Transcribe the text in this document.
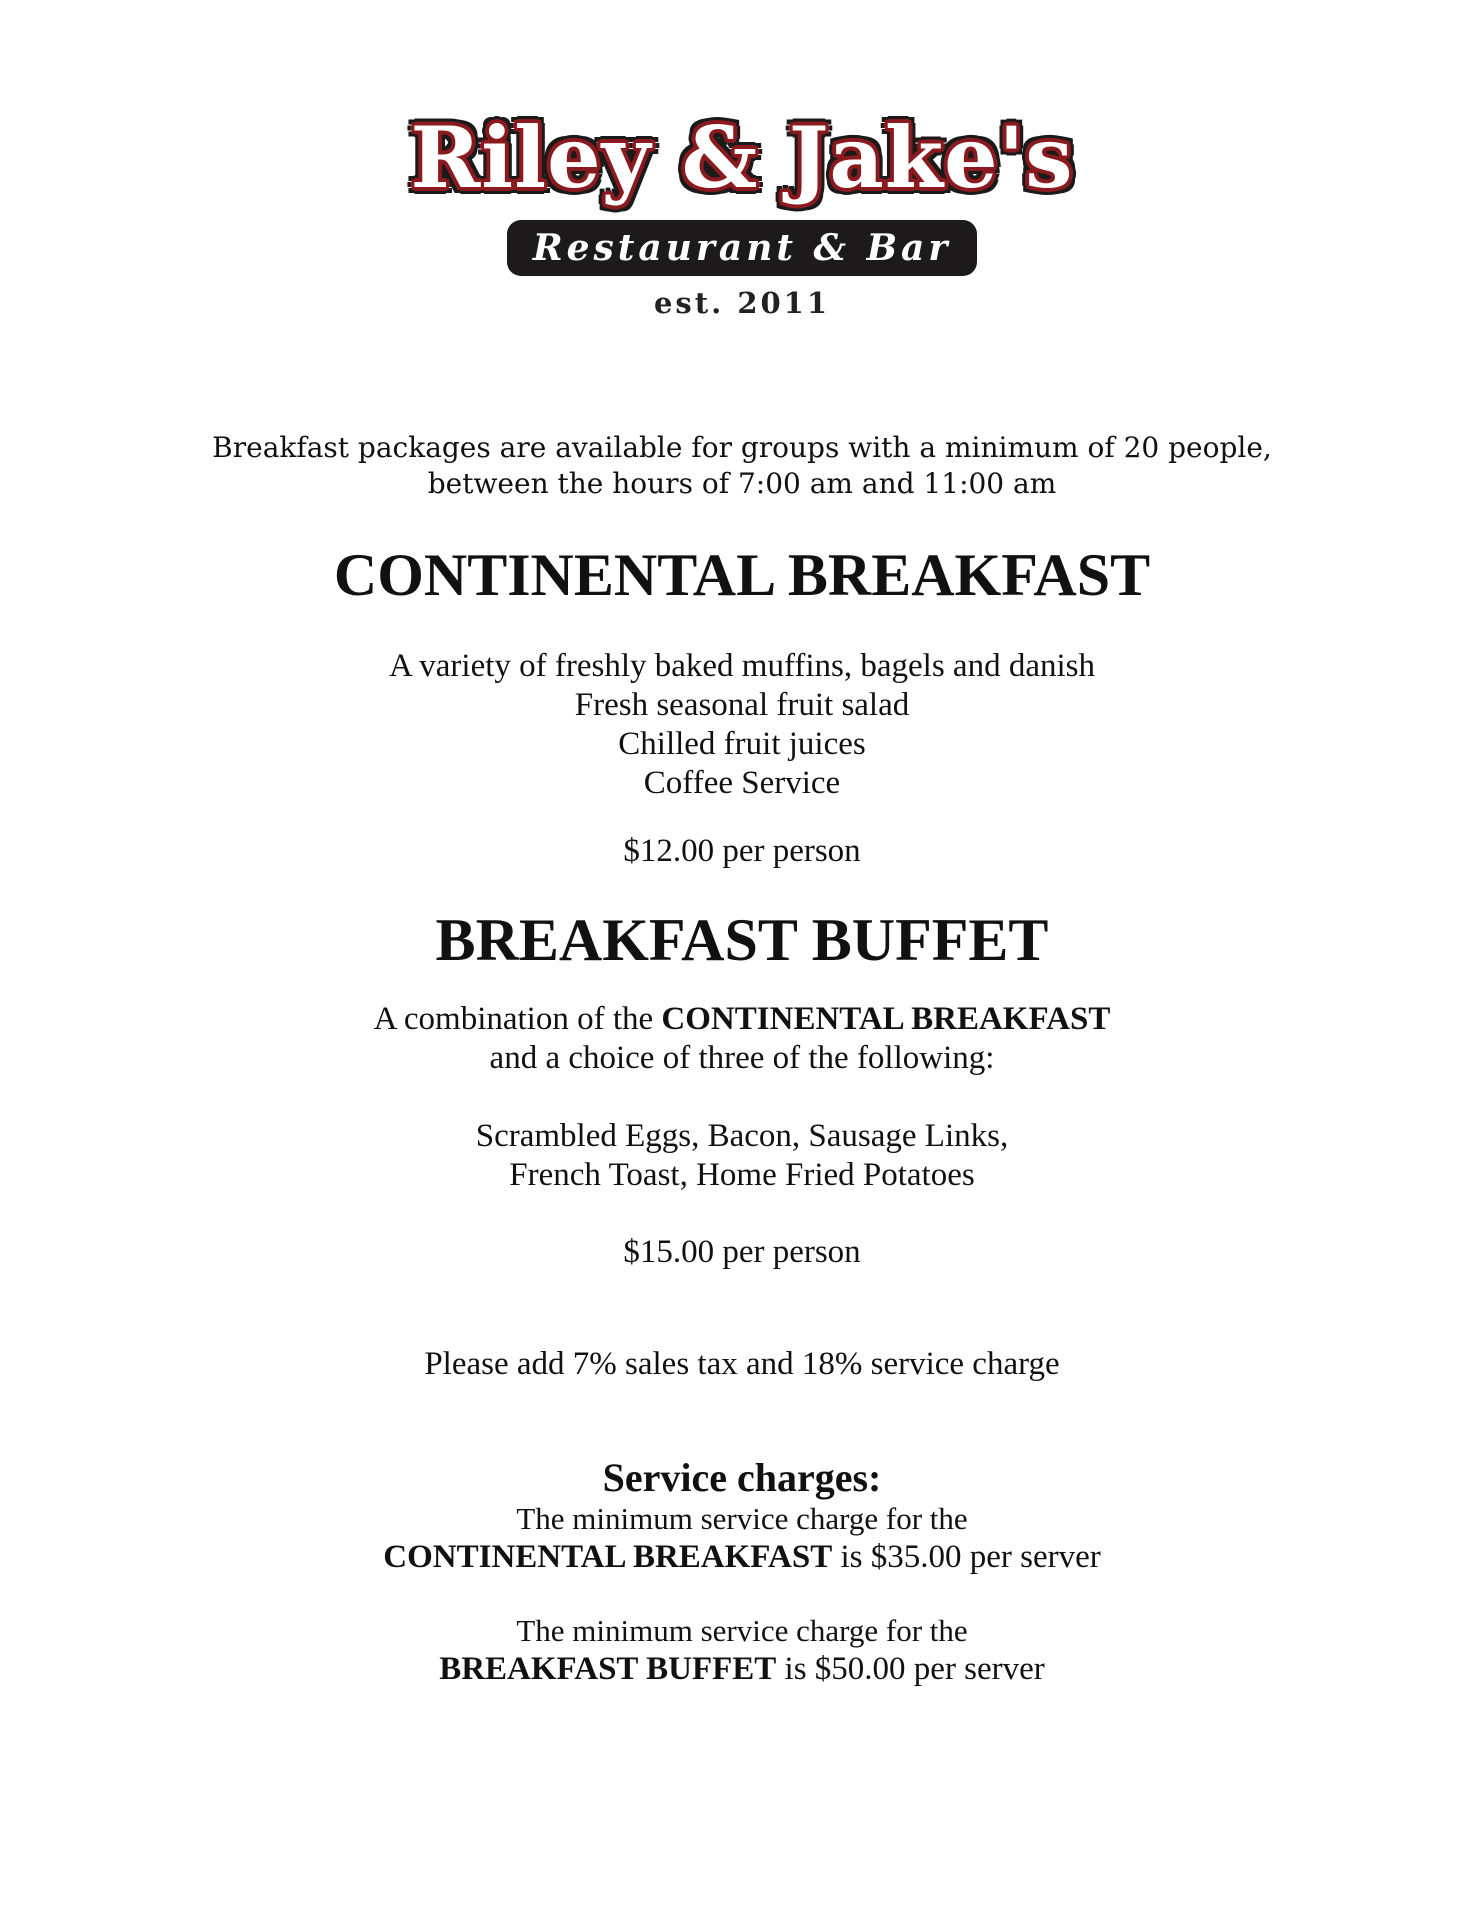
Riley & Jake's
Restaurant & Bar
est. 2011
Breakfast packages are available for groups with a minimum of 20 people,
between the hours of 7:00 am and 11:00 am
CONTINENTAL BREAKFAST
A variety of freshly baked muffins, bagels and danish
Fresh seasonal fruit salad
Chilled fruit juices
Coffee Service
$12.00 per person
BREAKFAST BUFFET
A combination of the CONTINENTAL BREAKFAST
and a choice of three of the following:
Scrambled Eggs, Bacon, Sausage Links,
French Toast, Home Fried Potatoes
$15.00 per person
Please add 7% sales tax and 18% service charge
Service charges:
The minimum service charge for the
CONTINENTAL BREAKFAST is $35.00 per server
The minimum service charge for the
BREAKFAST BUFFET is $50.00 per server
